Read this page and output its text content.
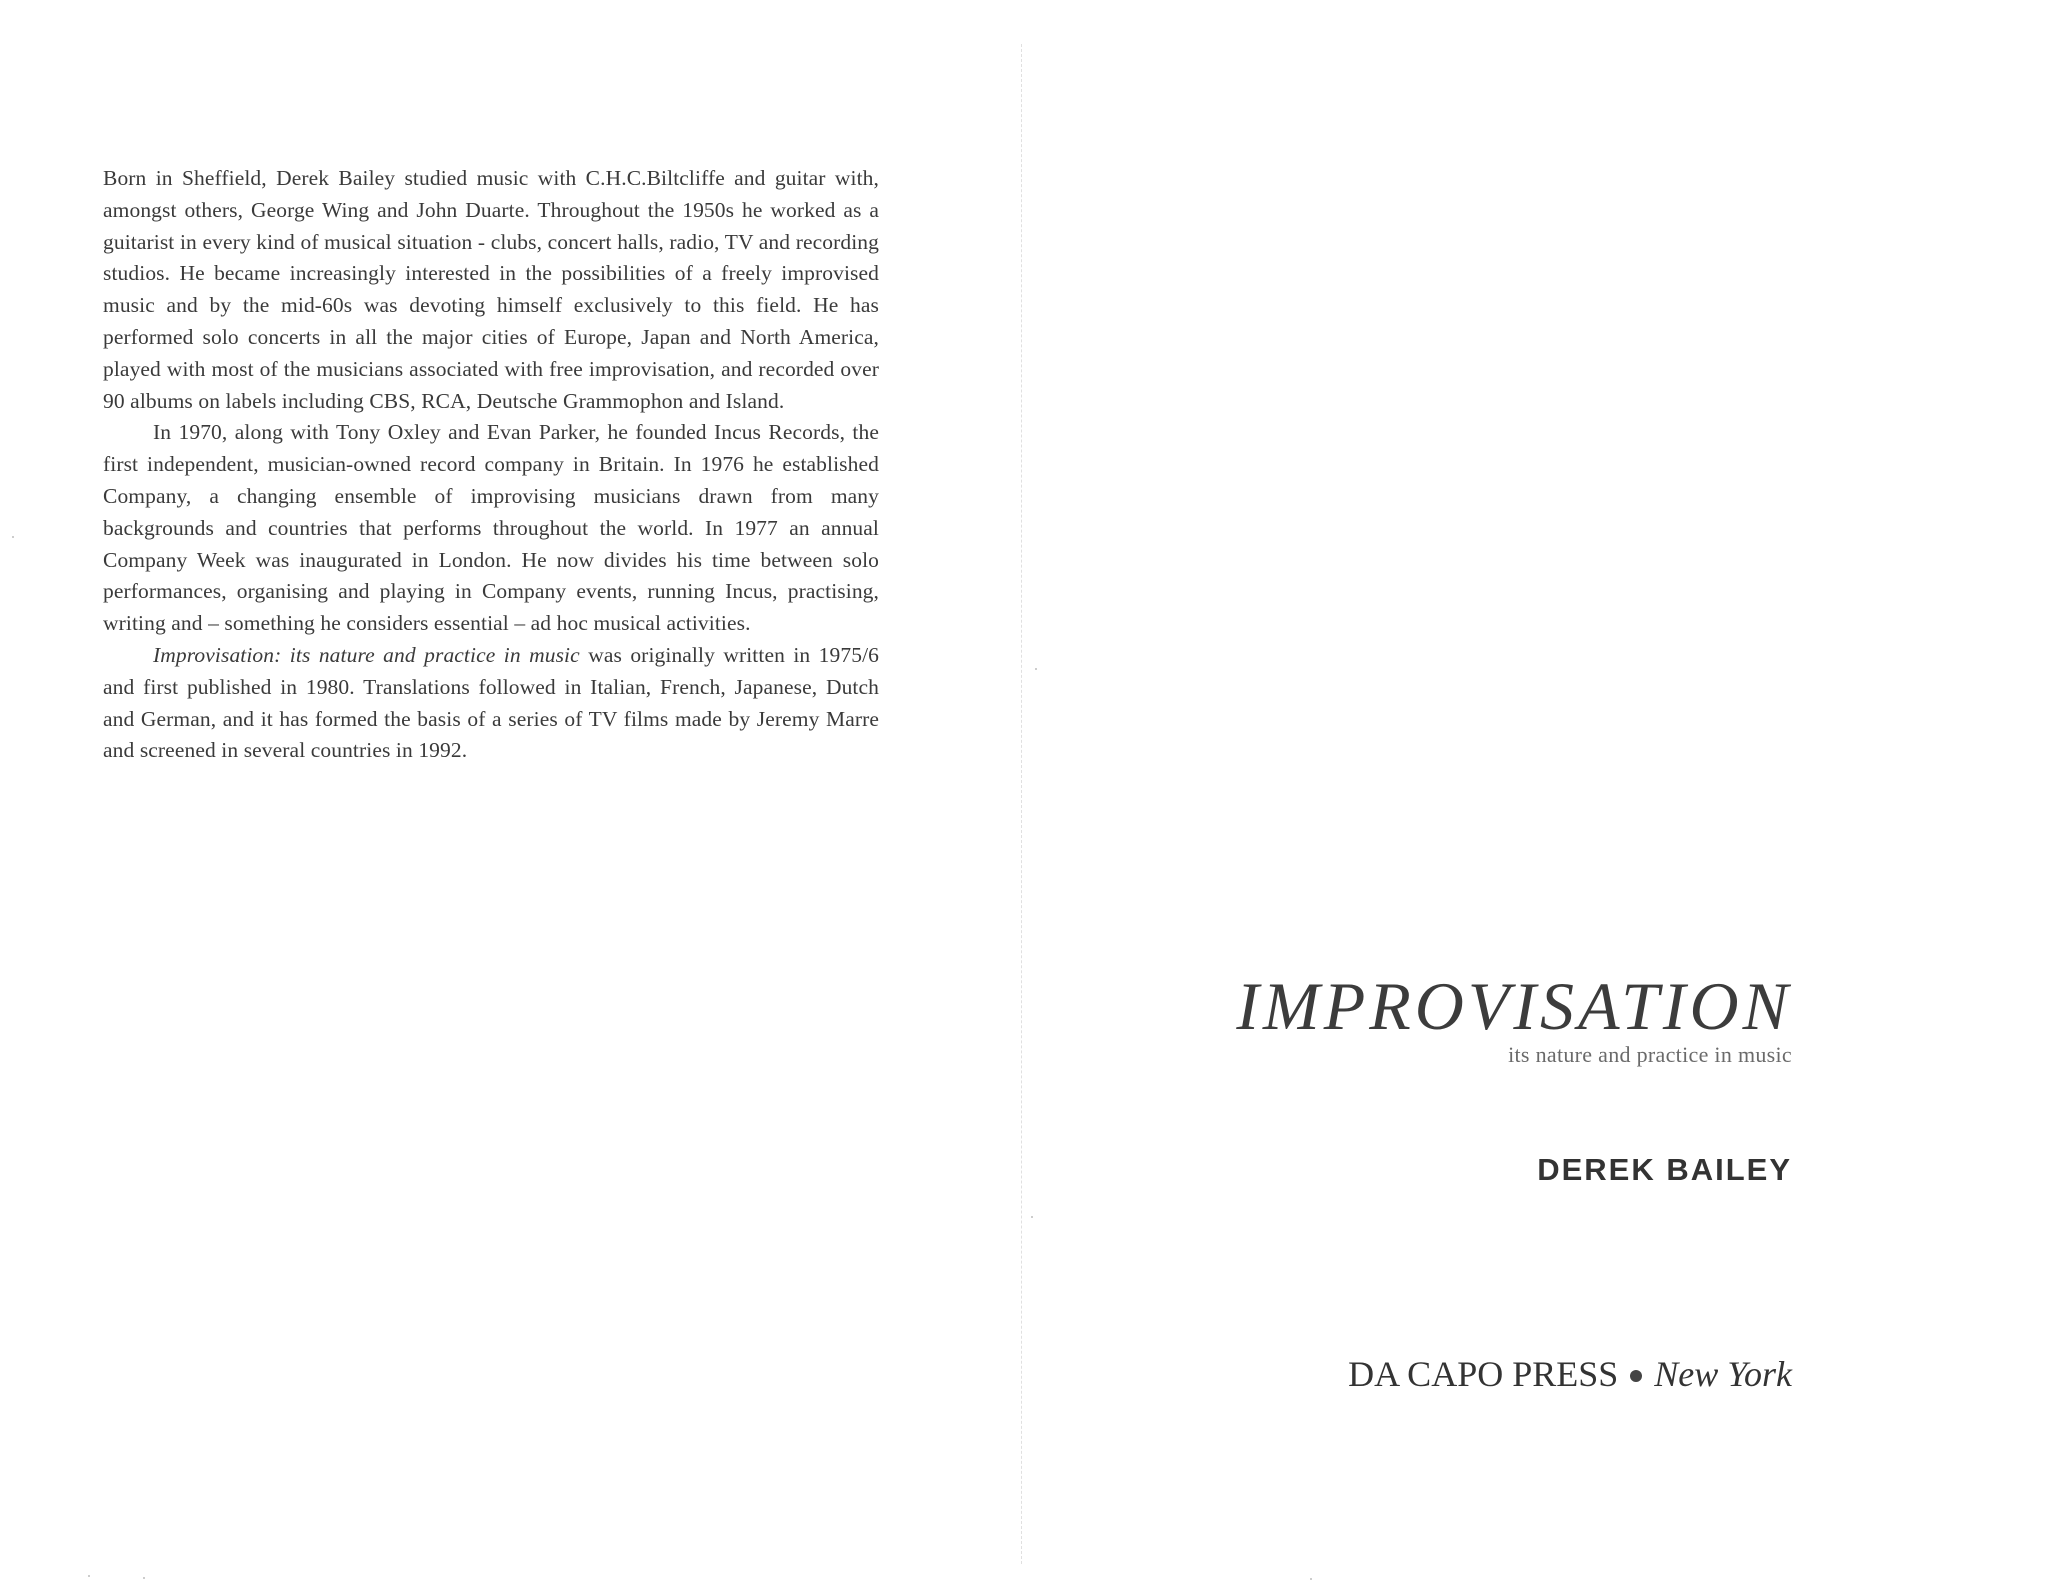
Born in Sheffield, Derek Bailey studied music with C.H.C.Biltcliffe and guitar with, amongst others, George Wing and John Duarte. Throughout the 1950s he worked as a guitarist in every kind of musical situation - clubs, concert halls, radio, TV and recording studios. He became increasingly interested in the possibilities of a freely improvised music and by the mid-60s was devoting himself exclusively to this field. He has performed solo concerts in all the major cities of Europe, Japan and North America, played with most of the musicians associated with free improvisation, and recorded over 90 albums on labels including CBS, RCA, Deutsche Grammophon and Island.

In 1970, along with Tony Oxley and Evan Parker, he founded Incus Records, the first independent, musician-owned record company in Britain. In 1976 he established Company, a changing ensemble of improvising musicians drawn from many backgrounds and countries that performs throughout the world. In 1977 an annual Company Week was inaugurated in London. He now divides his time between solo performances, organising and playing in Company events, running Incus, practising, writing and – something he considers essential – ad hoc musical activities.

Improvisation: its nature and practice in music was originally written in 1975/6 and first published in 1980. Translations followed in Italian, French, Japanese, Dutch and German, and it has formed the basis of a series of TV films made by Jeremy Marre and screened in several countries in 1992.

IMPROVISATION
its nature and practice in music
DEREK BAILEY
DA CAPO PRESS New York
